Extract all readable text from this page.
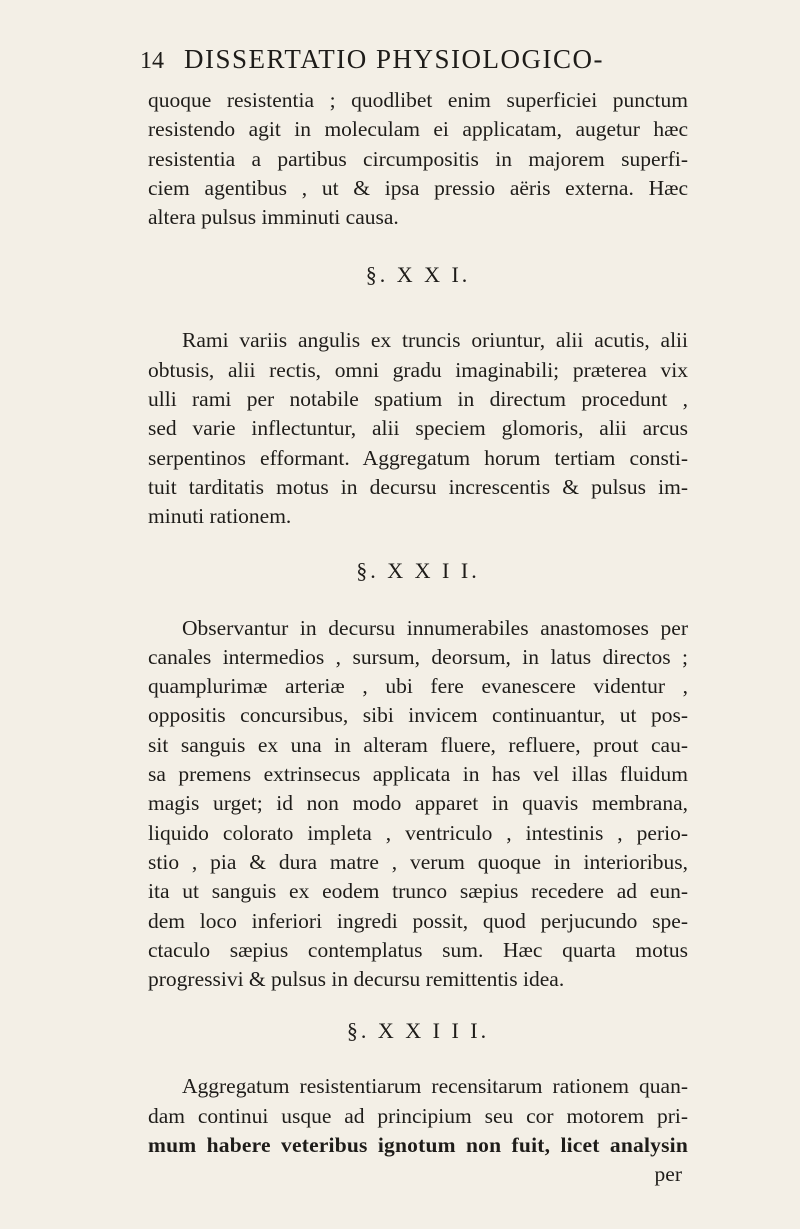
14 DISSERTATIO PHYSIOLOGICO-
quoque resistentia ; quodlibet enim superficiei punctum
resistendo agit in moleculam ei applicatam, augetur hæc
resistentia a partibus circumpositis in majorem superfi-
ciem agentibus , ut & ipsa pressio aëris externa. Hæc
altera pulsus imminuti causa.
§. X X I.
Rami variis angulis ex truncis oriuntur, alii acutis, alii
obtusis, alii rectis, omni gradu imaginabili; præterea vix
ulli rami per notabile spatium in directum procedunt ,
sed varie inflectuntur, alii speciem glomoris, alii arcus
serpentinos efformant. Aggregatum horum tertiam consti-
tuit tarditatis motus in decursu increscentis & pulsus im-
minuti rationem.
§. X X I I.
Observantur in decursu innumerabiles anastomoses per
canales intermedios , sursum, deorsum, in latus directos ;
quamplurimæ arteriæ , ubi fere evanescere videntur ,
oppositis concursibus, sibi invicem continuantur, ut pos-
sit sanguis ex una in alteram fluere, refluere, prout cau-
sa premens extrinsecus applicata in has vel illas fluidum
magis urget; id non modo apparet in quavis membrana,
liquido colorato impleta , ventriculo , intestinis , perio-
stio , pia & dura matre , verum quoque in interioribus,
ita ut sanguis ex eodem trunco sæpius recedere ad eun-
dem loco inferiori ingredi possit, quod perjucundo spe-
ctaculo sæpius contemplatus sum. Hæc quarta motus
progressivi & pulsus in decursu remittentis idea.
§. X X I I I.
Aggregatum resistentiarum recensitarum rationem quan-
dam continui usque ad principium seu cor motorem pri-
mum habere veteribus ignotum non fuit, licet analysin
per
